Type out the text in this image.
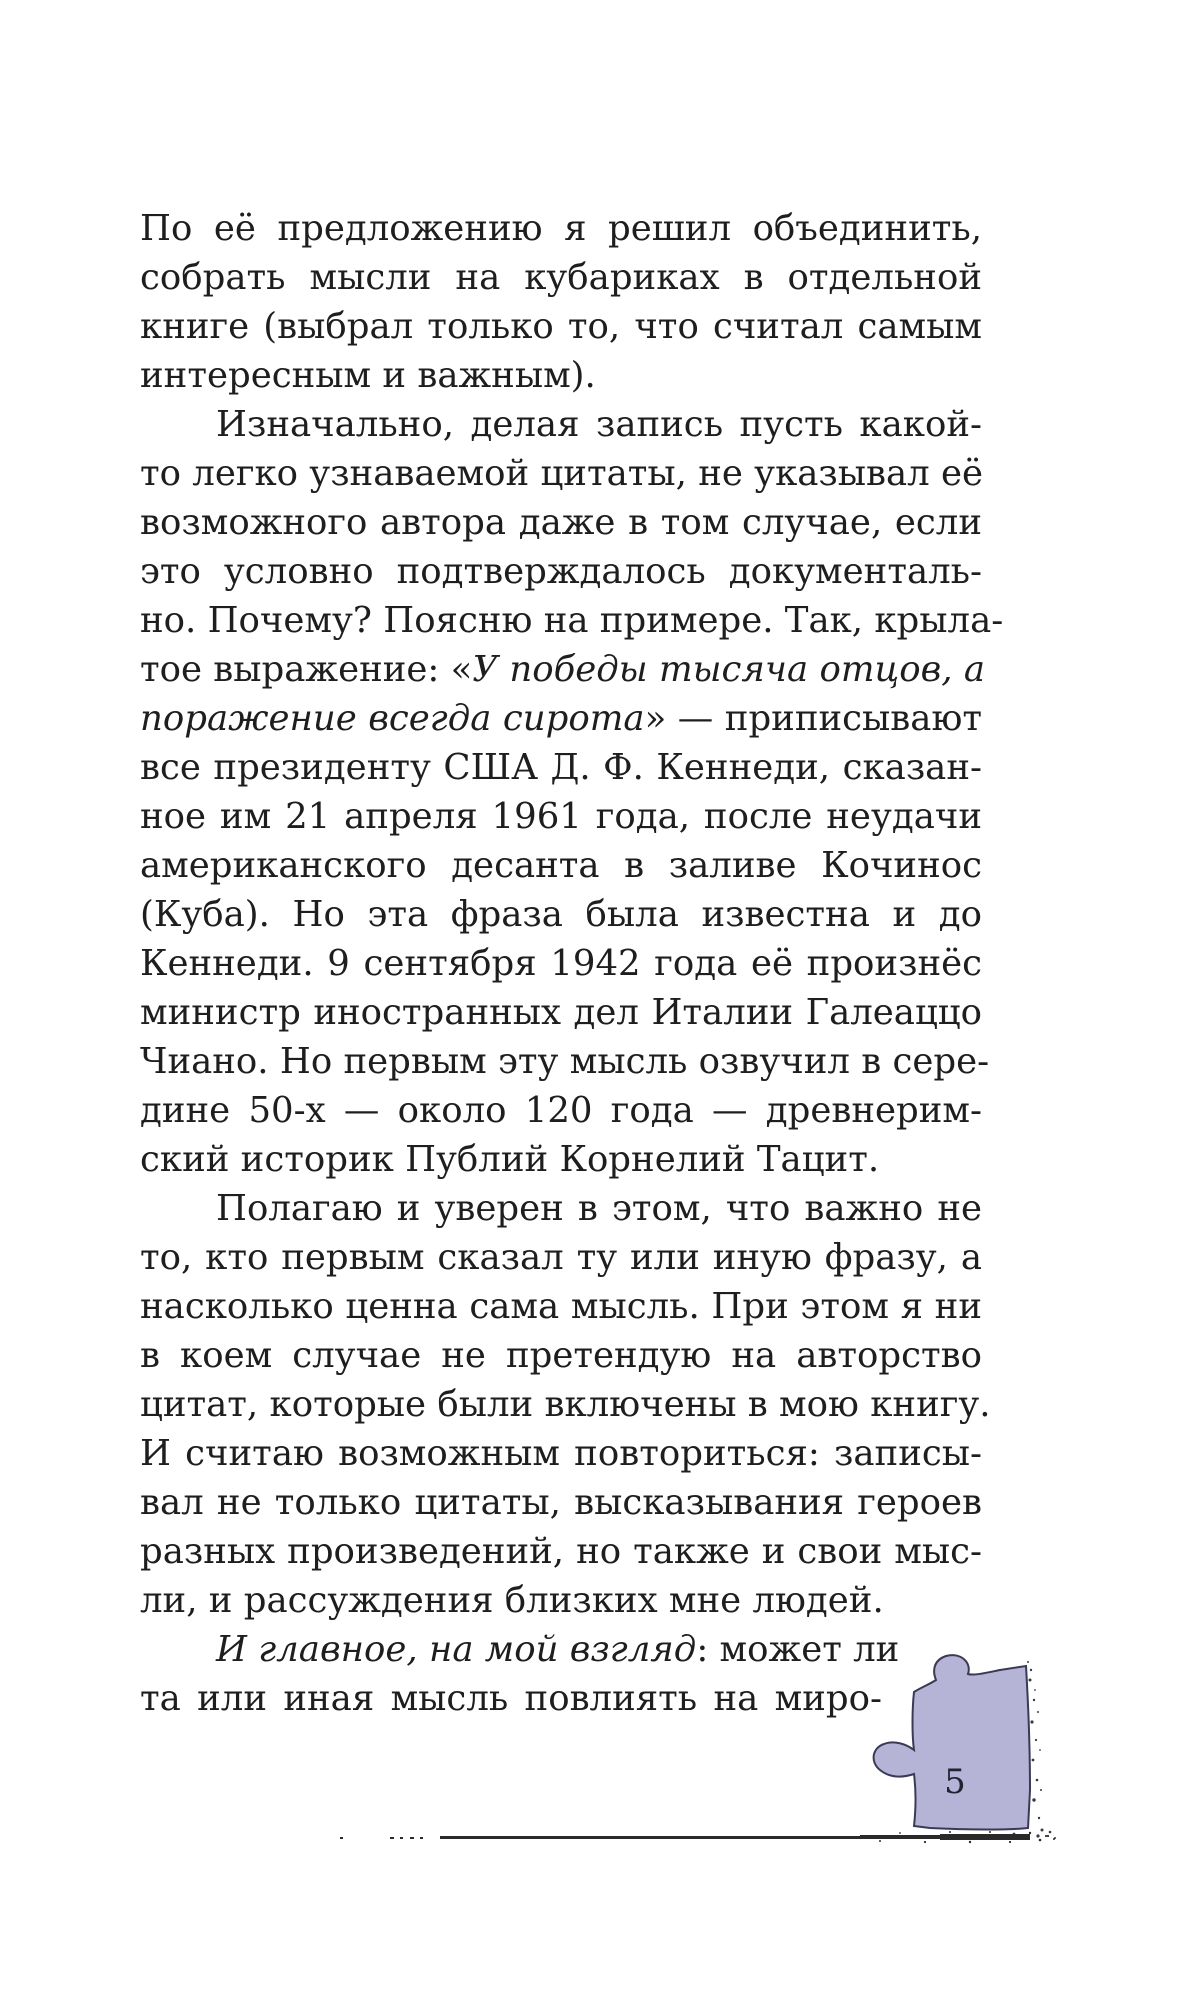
По её предложению я решил объединить,
собрать мысли на кубариках в отдельной
книге (выбрал только то, что считал самым
интересным и важным).
Изначально, делая запись пусть какой-
то легко узнаваемой цитаты, не указывал её
возможного автора даже в том случае, если
это условно подтверждалось документаль-
но. Почему? Поясню на примере. Так, крыла-
тое выражение: «У победы тысяча отцов, а
поражение всегда сирота» — приписывают
все президенту США Д. Ф. Кеннеди, сказан-
ное им 21 апреля 1961 года, после неудачи
американского десанта в заливе Кочинос
(Куба). Но эта фраза была известна и до
Кеннеди. 9 сентября 1942 года её произнёс
министр иностранных дел Италии Галеаццо
Чиано. Но первым эту мысль озвучил в сере-
дине 50-х — около 120 года — древнерим-
ский историк Публий Корнелий Тацит.
Полагаю и уверен в этом, что важно не
то, кто первым сказал ту или иную фразу, а
насколько ценна сама мысль. При этом я ни
в коем случае не претендую на авторство
цитат, которые были включены в мою книгу.
И считаю возможным повториться: записы-
вал не только цитаты, высказывания героев
разных произведений, но также и свои мыс-
ли, и рассуждения близких мне людей.
И главное, на мой взгляд: может ли
та или иная мысль повлиять на миро-
5
